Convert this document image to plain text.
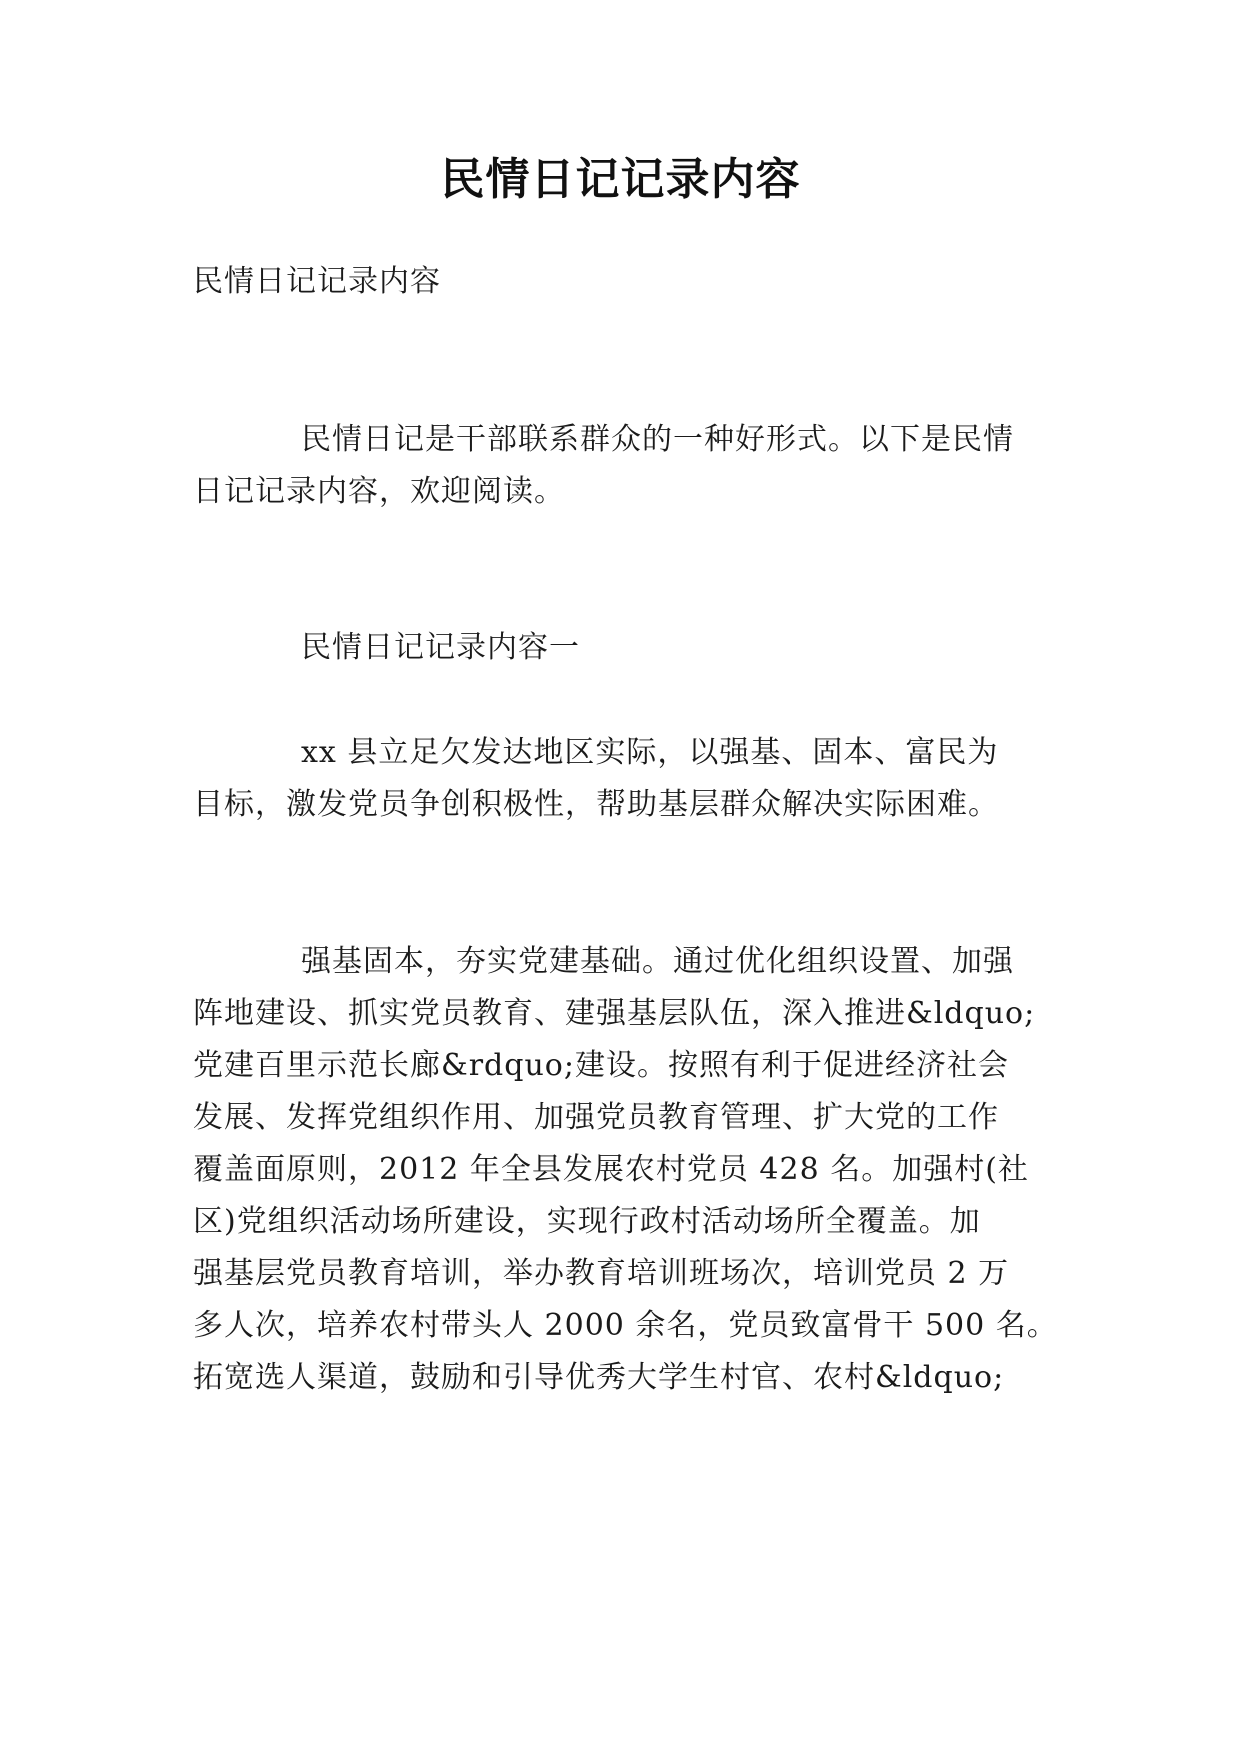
民情日记记录内容

民情日记记录内容

民情日记是干部联系群众的一种好形式。以下是民情

日记记录内容，欢迎阅读。

民情日记记录内容一

xx 县立足欠发达地区实际，以强基、固本、富民为

目标，激发党员争创积极性，帮助基层群众解决实际困难。

强基固本，夯实党建基础。通过优化组织设置、加强

阵地建设、抓实党员教育、建强基层队伍，深入推进&ldquo;

党建百里示范长廊&rdquo;建设。按照有利于促进经济社会

发展、发挥党组织作用、加强党员教育管理、扩大党的工作

覆盖面原则，2012 年全县发展农村党员 428 名。加强村(社

区)党组织活动场所建设，实现行政村活动场所全覆盖。加

强基层党员教育培训，举办教育培训班场次，培训党员 2 万

多人次，培养农村带头人 2000 余名，党员致富骨干 500 名。

拓宽选人渠道，鼓励和引导优秀大学生村官、农村&ldquo;
